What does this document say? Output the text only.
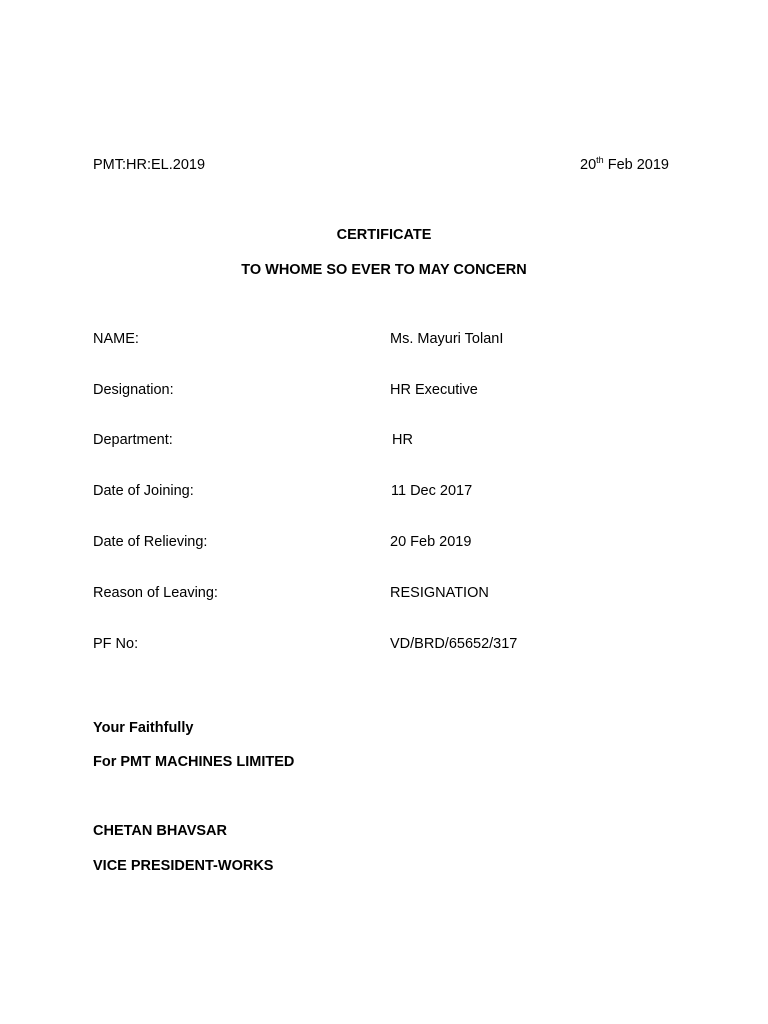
PMT:HR:EL.2019	20th Feb 2019
CERTIFICATE
TO WHOME SO EVER TO MAY CONCERN
NAME:	Ms. Mayuri TolanI
Designation:	HR Executive
Department:	HR
Date of Joining:	11 Dec 2017
Date of Relieving:	20 Feb 2019
Reason of Leaving:	RESIGNATION
PF No:	VD/BRD/65652/317
Your Faithfully
For PMT MACHINES LIMITED
CHETAN BHAVSAR
VICE PRESIDENT-WORKS
